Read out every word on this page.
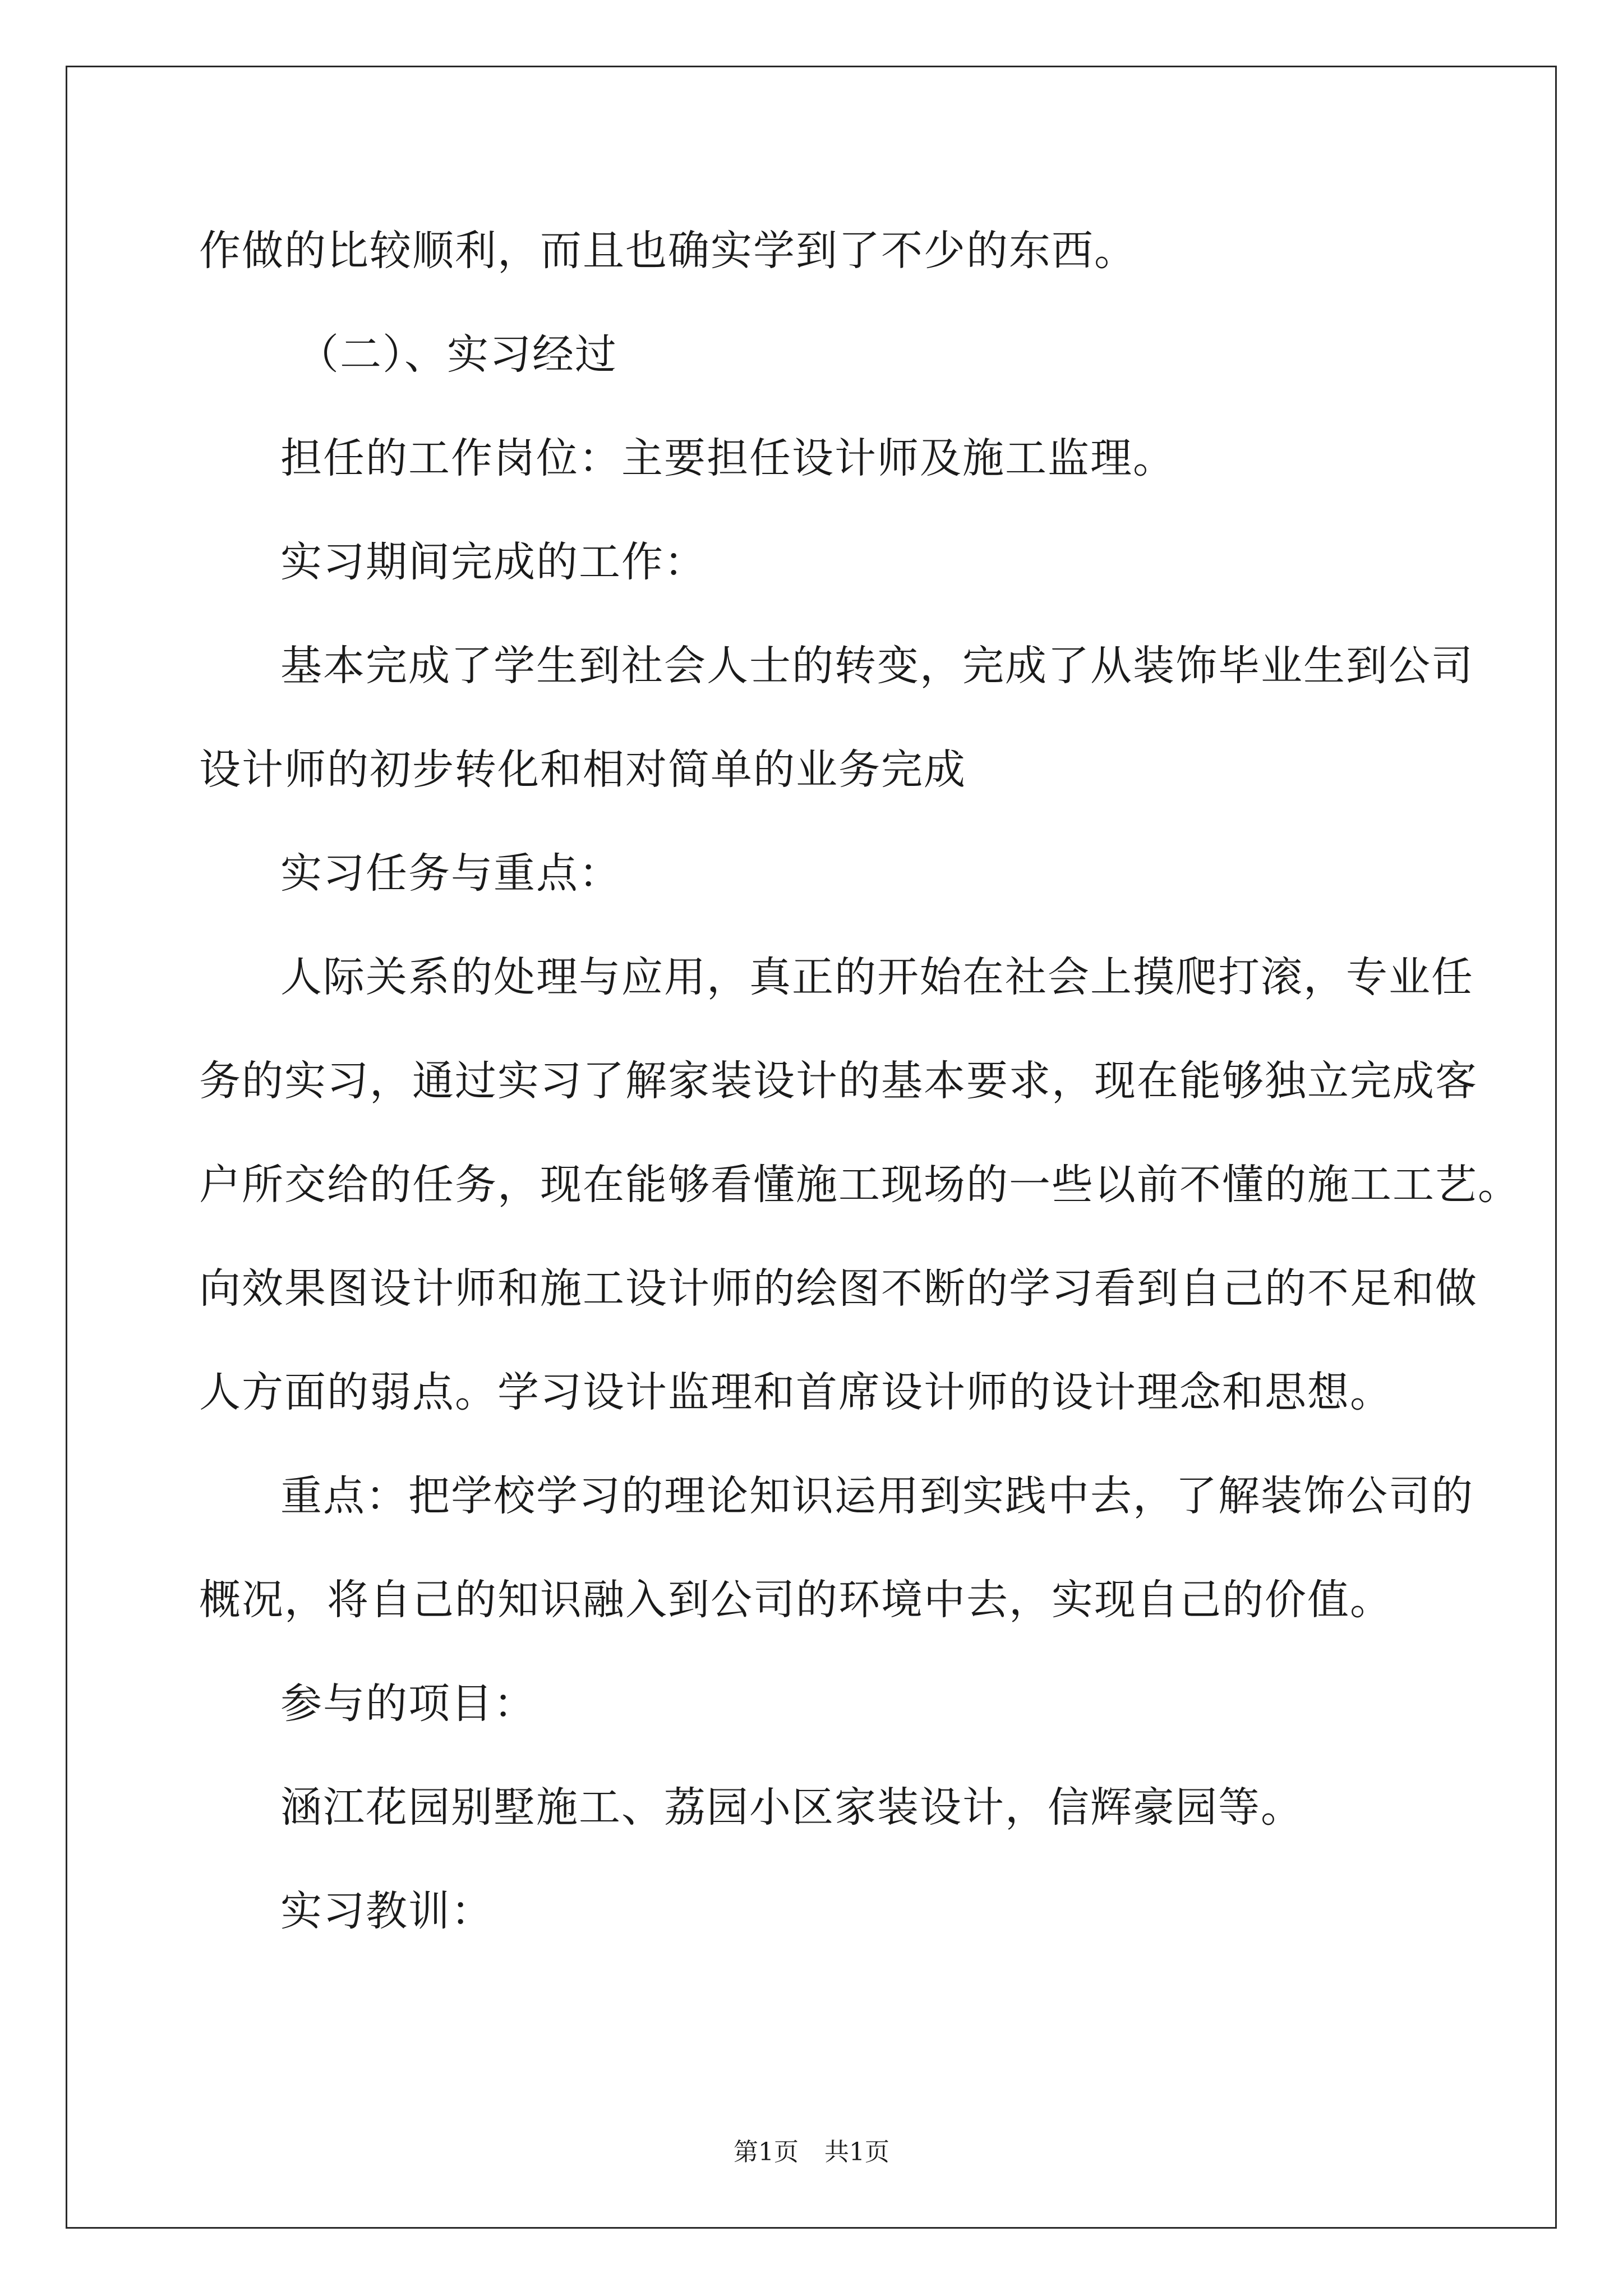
作做的比较顺利，而且也确实学到了不少的东西。
（二）、实习经过
担任的工作岗位：主要担任设计师及施工监理。
实习期间完成的工作：
基本完成了学生到社会人士的转变，完成了从装饰毕业生到公司
设计师的初步转化和相对简单的业务完成
实习任务与重点：
人际关系的处理与应用，真正的开始在社会上摸爬打滚，专业任
务的实习，通过实习了解家装设计的基本要求，现在能够独立完成客
户所交给的任务，现在能够看懂施工现场的一些以前不懂的施工工艺。
向效果图设计师和施工设计师的绘图不断的学习看到自己的不足和做
人方面的弱点。学习设计监理和首席设计师的设计理念和思想。
重点：把学校学习的理论知识运用到实践中去，了解装饰公司的
概况，将自己的知识融入到公司的环境中去，实现自己的价值。
参与的项目：
涵江花园别墅施工、荔园小区家装设计，信辉豪园等。
实习教训：
第1页 共1页
